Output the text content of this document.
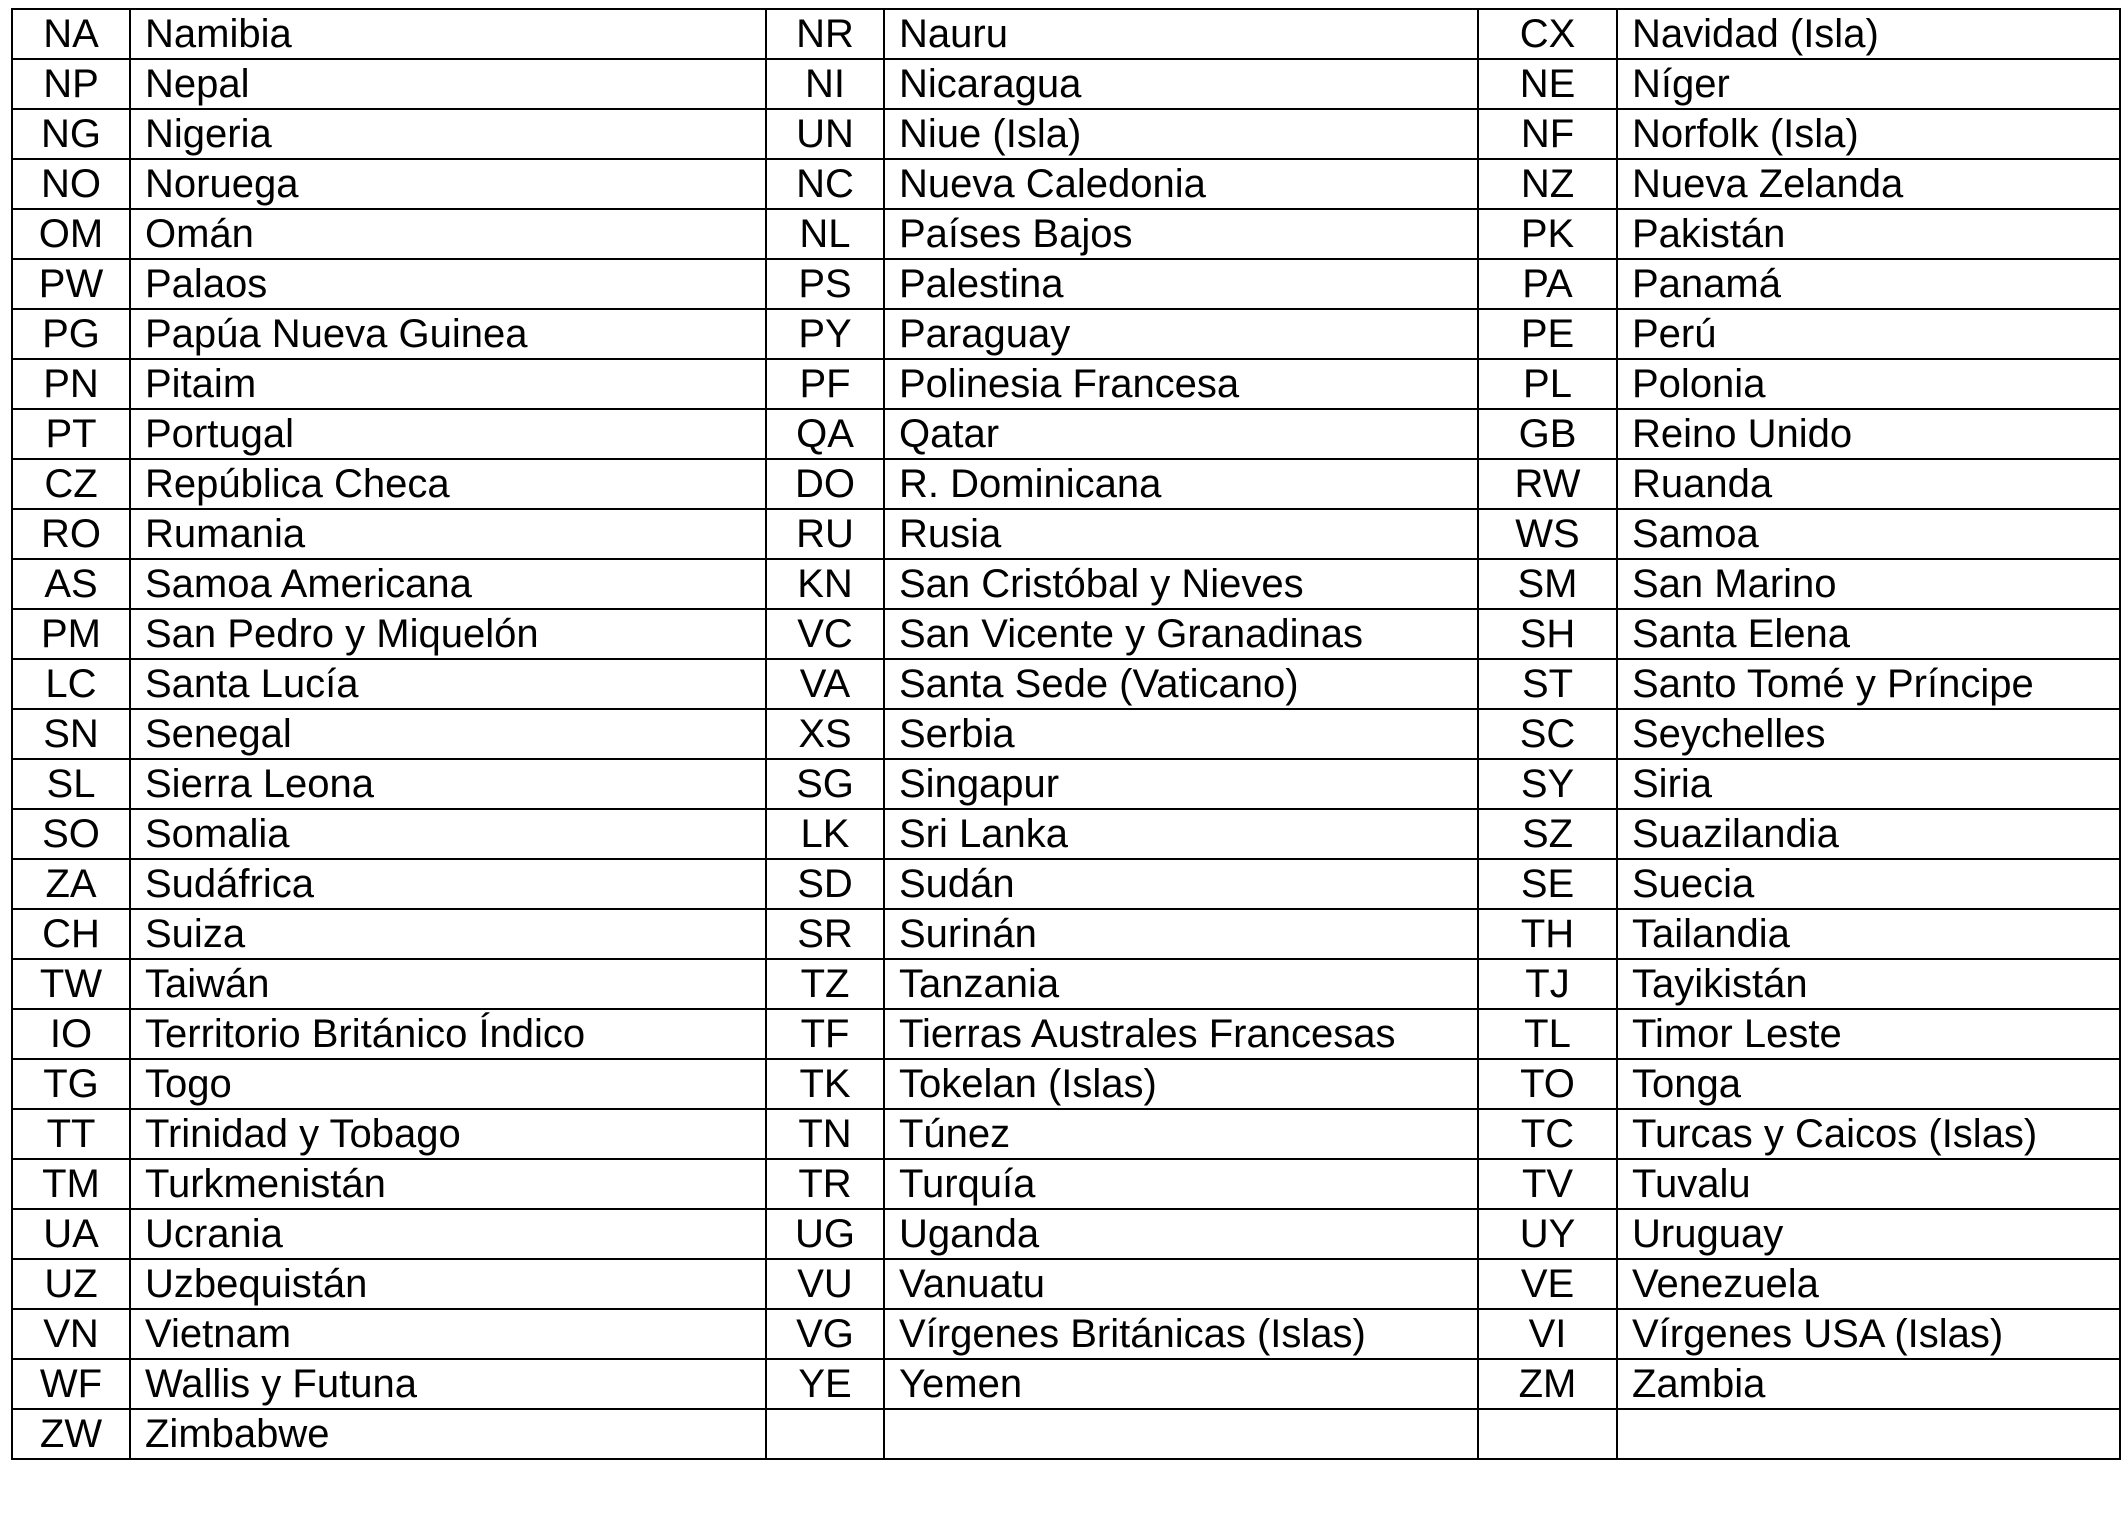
NA	Namibia	NR	Nauru	CX	Navidad (Isla)
NP	Nepal	NI	Nicaragua	NE	Níger
NG	Nigeria	UN	Niue (Isla)	NF	Norfolk (Isla)
NO	Noruega	NC	Nueva Caledonia	NZ	Nueva Zelanda
OM	Omán	NL	Países Bajos	PK	Pakistán
PW	Palaos	PS	Palestina	PA	Panamá
PG	Papúa Nueva Guinea	PY	Paraguay	PE	Perú
PN	Pitaim	PF	Polinesia Francesa	PL	Polonia
PT	Portugal	QA	Qatar	GB	Reino Unido
CZ	República Checa	DO	R. Dominicana	RW	Ruanda
RO	Rumania	RU	Rusia	WS	Samoa
AS	Samoa Americana	KN	San Cristóbal y Nieves	SM	San Marino
PM	San Pedro y Miquelón	VC	San Vicente y Granadinas	SH	Santa Elena
LC	Santa Lucía	VA	Santa Sede (Vaticano)	ST	Santo Tomé y Príncipe
SN	Senegal	XS	Serbia	SC	Seychelles
SL	Sierra Leona	SG	Singapur	SY	Siria
SO	Somalia	LK	Sri Lanka	SZ	Suazilandia
ZA	Sudáfrica	SD	Sudán	SE	Suecia
CH	Suiza	SR	Surinán	TH	Tailandia
TW	Taiwán	TZ	Tanzania	TJ	Tayikistán
IO	Territorio Británico Índico	TF	Tierras Australes Francesas	TL	Timor Leste
TG	Togo	TK	Tokelan (Islas)	TO	Tonga
TT	Trinidad y Tobago	TN	Túnez	TC	Turcas y Caicos (Islas)
TM	Turkmenistán	TR	Turquía	TV	Tuvalu
UA	Ucrania	UG	Uganda	UY	Uruguay
UZ	Uzbequistán	VU	Vanuatu	VE	Venezuela
VN	Vietnam	VG	Vírgenes Británicas (Islas)	VI	Vírgenes USA (Islas)
WF	Wallis y Futuna	YE	Yemen	ZM	Zambia
ZW	Zimbabwe				
